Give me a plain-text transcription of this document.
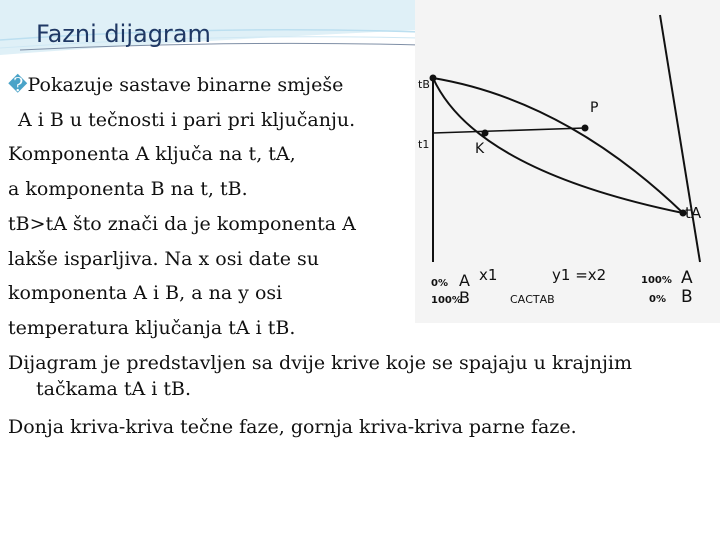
Fazni dijagram
tB
t1
tA
P
K
x1	y1 =x2
0% A
100%
B	САСТАВ
100% A
0% B
�Pokazuje sastave binarne smješe
A i B u tečnosti i pari pri ključanju.
Komponenta A ključa na t, tA,
a komponenta B na t, tB.
tB>tA što znači da je komponenta A
lakše isparljiva. Na x osi date su
komponenta A i B, a na y osi
temperatura ključanja tA i tB.
Dijagram je predstavljen sa dvije krive koje se spajaju u krajnjim
tačkama tA i tB.
Donja kriva-kriva tečne faze, gornja kriva-kriva parne faze.
